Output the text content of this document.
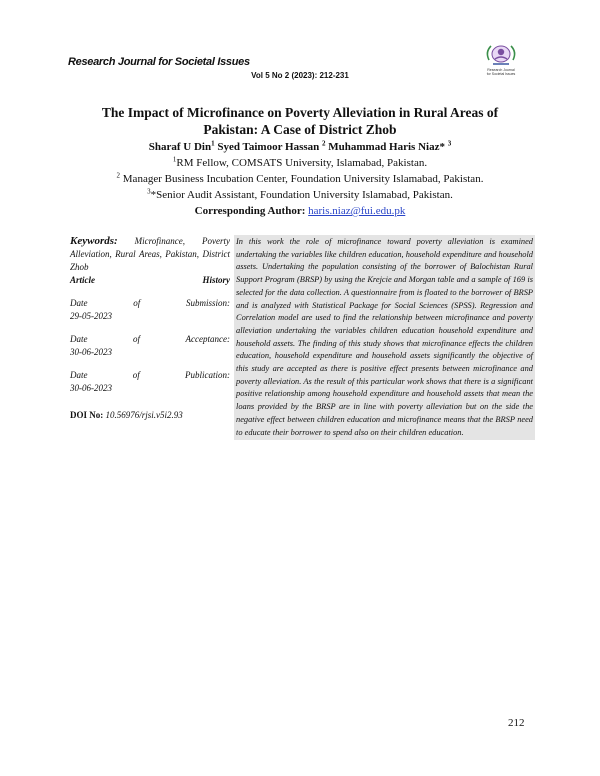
Research Journal for Societal Issues
Research Journal
for Societal Issues
Vol 5 No 2 (2023): 212-231
The Impact of Microfinance on Poverty Alleviation in Rural Areas of Pakistan: A Case of District Zhob
Sharaf U Din$^1$ Syed Taimoor Hassan $^2$ Muhammad Haris Niaz* $^3$
$^1$RM Fellow, COMSATS University, Islamabad, Pakistan.
$^2$ Manager Business Incubation Center, Foundation University Islamabad, Pakistan.
$^3$*Senior Audit Assistant, Foundation University Islamabad, Pakistan.
Corresponding Author: haris.niaz@fui.edu.pk
Keywords: Microfinance, Poverty Alleviation, Rural Areas, Pakistan, District Zhob
Article	History
Date	of	Submission:
29-05-2023
Date	of	Acceptance:
30-06-2023
Date	of	Publication:
30-06-2023
DOI No: 10.56976/rjsi.v5i2.93

In this work the role of microfinance toward poverty alleviation is examined undertaking the variables like children education, household expenditure and household assets. Undertaking the population consisting of the borrower of Balochistan Rural Support Program (BRSP) by using the Krejcie and Morgan table and a sample of 169 is selected for the data collection. A questionnaire from is floated to the borrower of BRSP and is analyzed with Statistical Package for Social Sciences (SPSS). Regression and Correlation model are used to find the relationship between microfinance and poverty alleviation undertaking the variables children education household expenditure and household assets. The finding of this study shows that microfinance effects the children education, household expenditure and household assets significantly the objective of this study are accepted as there is positive effect presents between microfinance and poverty alleviation. As the result of this particular work shows that there is a significant positive relationship among household expenditure and household assets that mean the loans provided by the BRSP are in line with poverty alleviation but on the side the negative effect between children education and microfinance means that the BRSP need to educate their borrower to spend also on their children education.

212
